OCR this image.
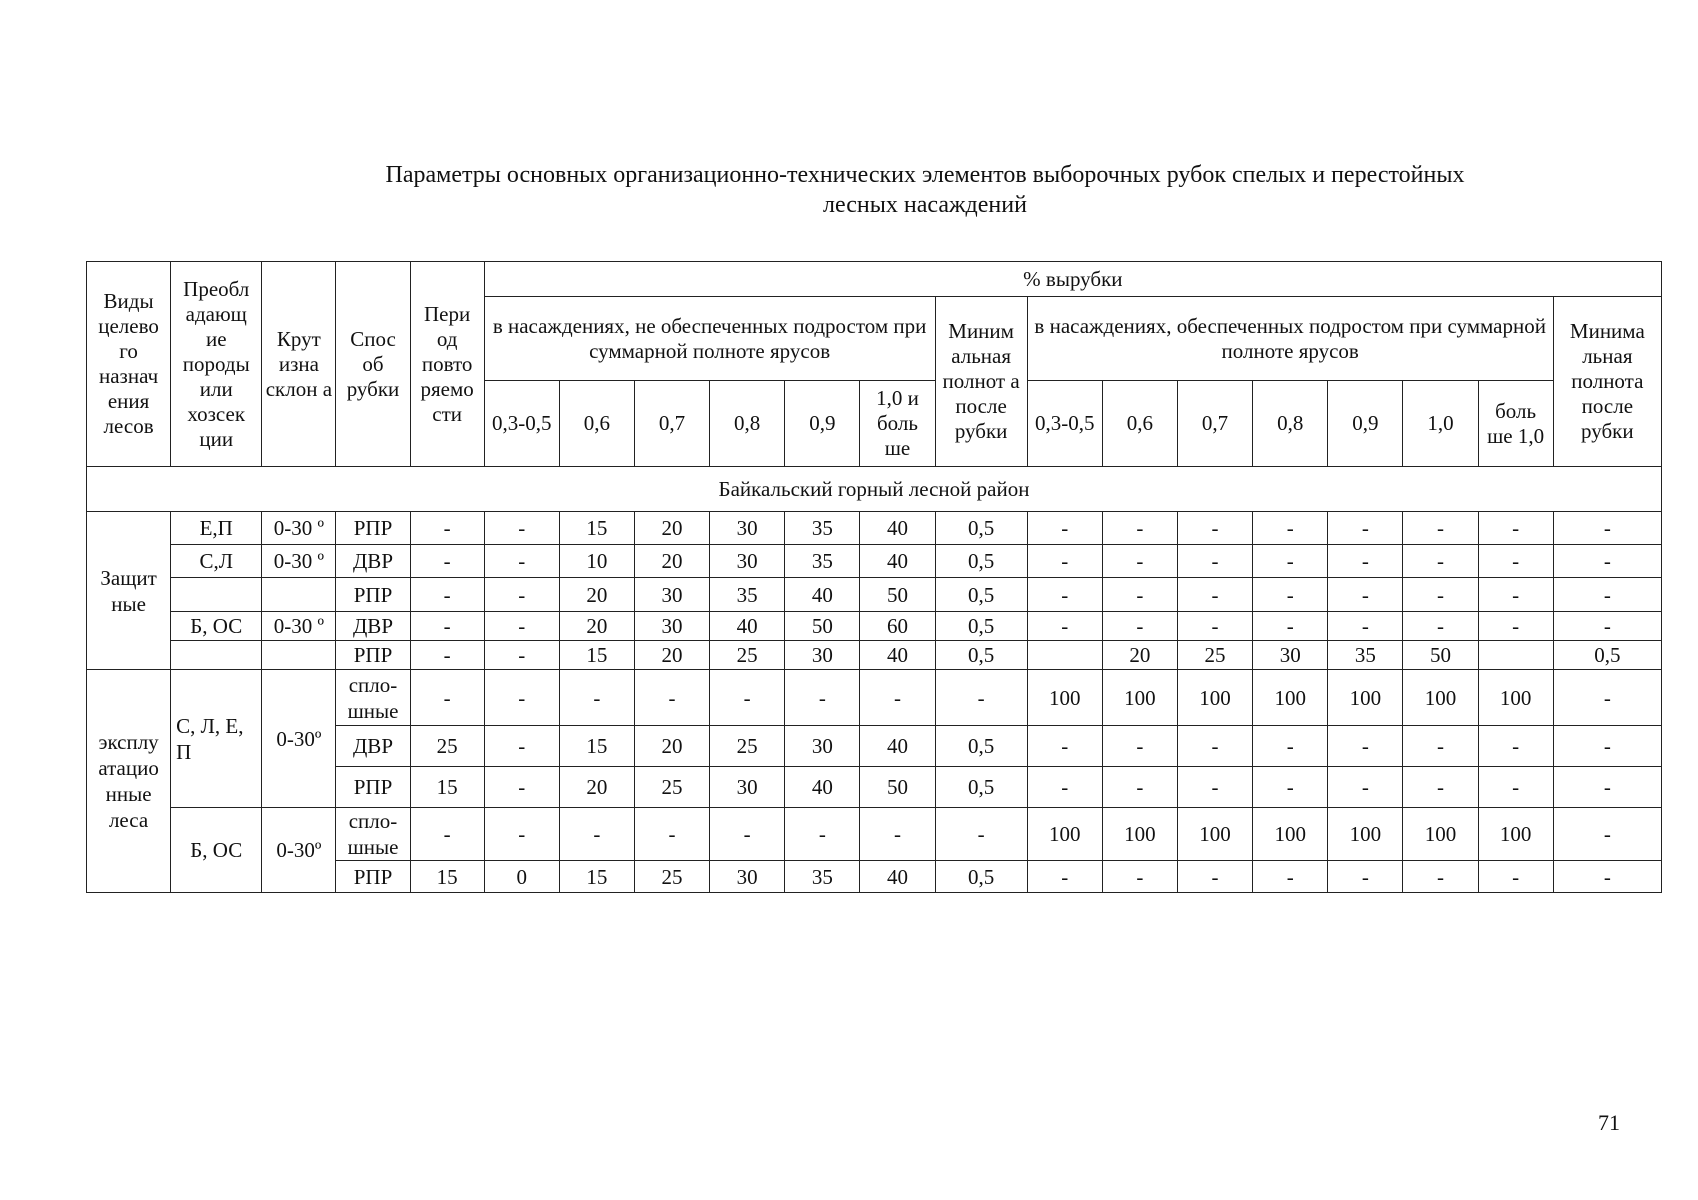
Параметры основных организационно-технических элементов выборочных рубок спелых и перестойных
лесных насаждений
Виды целево го назнач ения лесов	Преобл адающ ие породы или хозсек ции	Крут изна склон а	Спос об рубки	Пери од повто ряемо сти	% вырубки														
					в насаждениях, не обеспеченных подростом при суммарной полноте ярусов						Миним альная полнот а после рубки	в насаждениях, обеспеченных подростом при суммарной полноте ярусов							Минима льная полнота после рубки
					0,3-0,5	0,6	0,7	0,8	0,9	1,0 и боль ше		0,3-0,5	0,6	0,7	0,8	0,9	1,0	боль ше 1,0	
Байкальский горный лесной район																			
Защит ные	Е,П	0-30 º	РПР	-	-	15	20	30	35	40	0,5	-	-	-	-	-	-	-	-
	С,Л	0-30 º	ДВР	-	-	10	20	30	35	40	0,5	-	-	-	-	-	-	-	-
			РПР	-	-	20	30	35	40	50	0,5	-	-	-	-	-	-	-	-
	Б, ОС	0-30 º	ДВР	-	-	20	30	40	50	60	0,5	-	-	-	-	-	-	-	-
			РПР	-	-	15	20	25	30	40	0,5		20	25	30	35	50		0,5
эксплу атацио нные леса	С, Л, Е, П	0-30º	спло- шные	-	-	-	-	-	-	-	-	100	100	100	100	100	100	100	-
			ДВР	25	-	15	20	25	30	40	0,5	-	-	-	-	-	-	-	-
			РПР	15	-	20	25	30	40	50	0,5	-	-	-	-	-	-	-	-
	Б, ОС	0-30º	спло- шные	-	-	-	-	-	-	-	-	100	100	100	100	100	100	100	-
			РПР	15	0	15	25	30	35	40	0,5	-	-	-	-	-	-	-	-
71
